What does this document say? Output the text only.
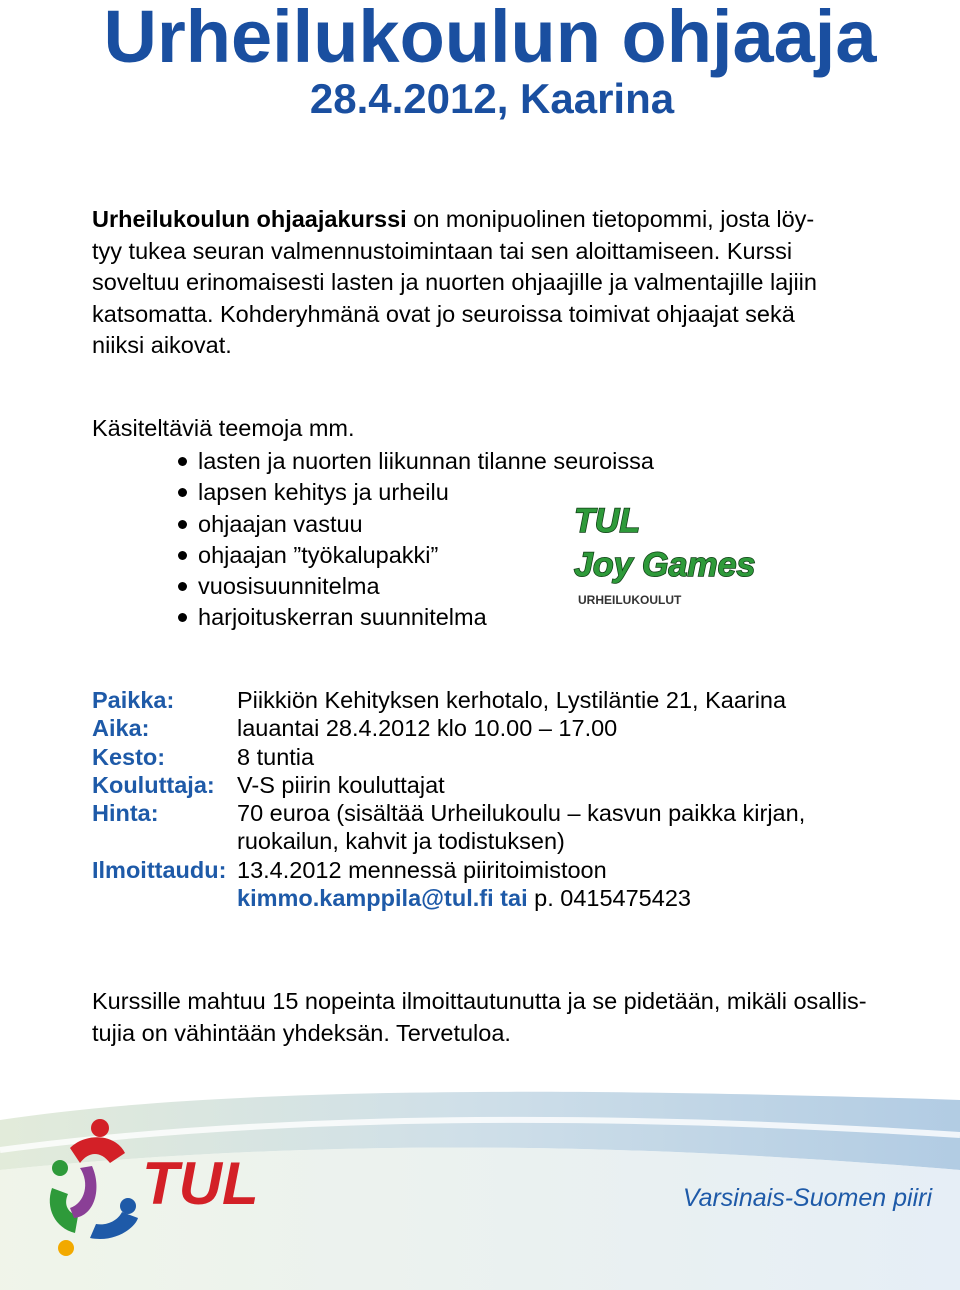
Urheilukoulun ohjaaja
28.4.2012, Kaarina
Urheilukoulun ohjaajakurssi on monipuolinen tietopommi, josta löy-
tyy tukea seuran valmennustoimintaan tai sen aloittamiseen. Kurssi
soveltuu erinomaisesti lasten ja nuorten ohjaajille ja valmentajille lajiin
katsomatta. Kohderyhmänä ovat jo seuroissa toimivat ohjaajat sekä
niiksi aikovat.
Käsiteltäviä teemoja mm.
lasten ja nuorten liikunnan tilanne seuroissa
lapsen kehitys ja urheilu
ohjaajan vastuu
ohjaajan ”työkalupakki”
vuosisuunnitelma
harjoituskerran suunnitelma
TUL
Joy Games
URHEILUKOULUT
Paikka:	Piikkiön Kehityksen kerhotalo, Lystiläntie 21, Kaarina
Aika:	lauantai 28.4.2012 klo 10.00 – 17.00
Kesto:	8 tuntia
Kouluttaja: V-S piirin kouluttajat
Hinta:	70 euroa (sisältää Urheilukoulu – kasvun paikka kirjan,
ruokailun, kahvit ja todistuksen)
Ilmoittaudu: 13.4.2012 mennessä piiritoimistoon
kimmo.kamppila@tul.fi tai p. 0415475423
Kurssille mahtuu 15 nopeinta ilmoittautunutta ja se pidetään, mikäli osallis-
tujia on vähintään yhdeksän. Tervetuloa.
TUL	Varsinais-Suomen piiri
